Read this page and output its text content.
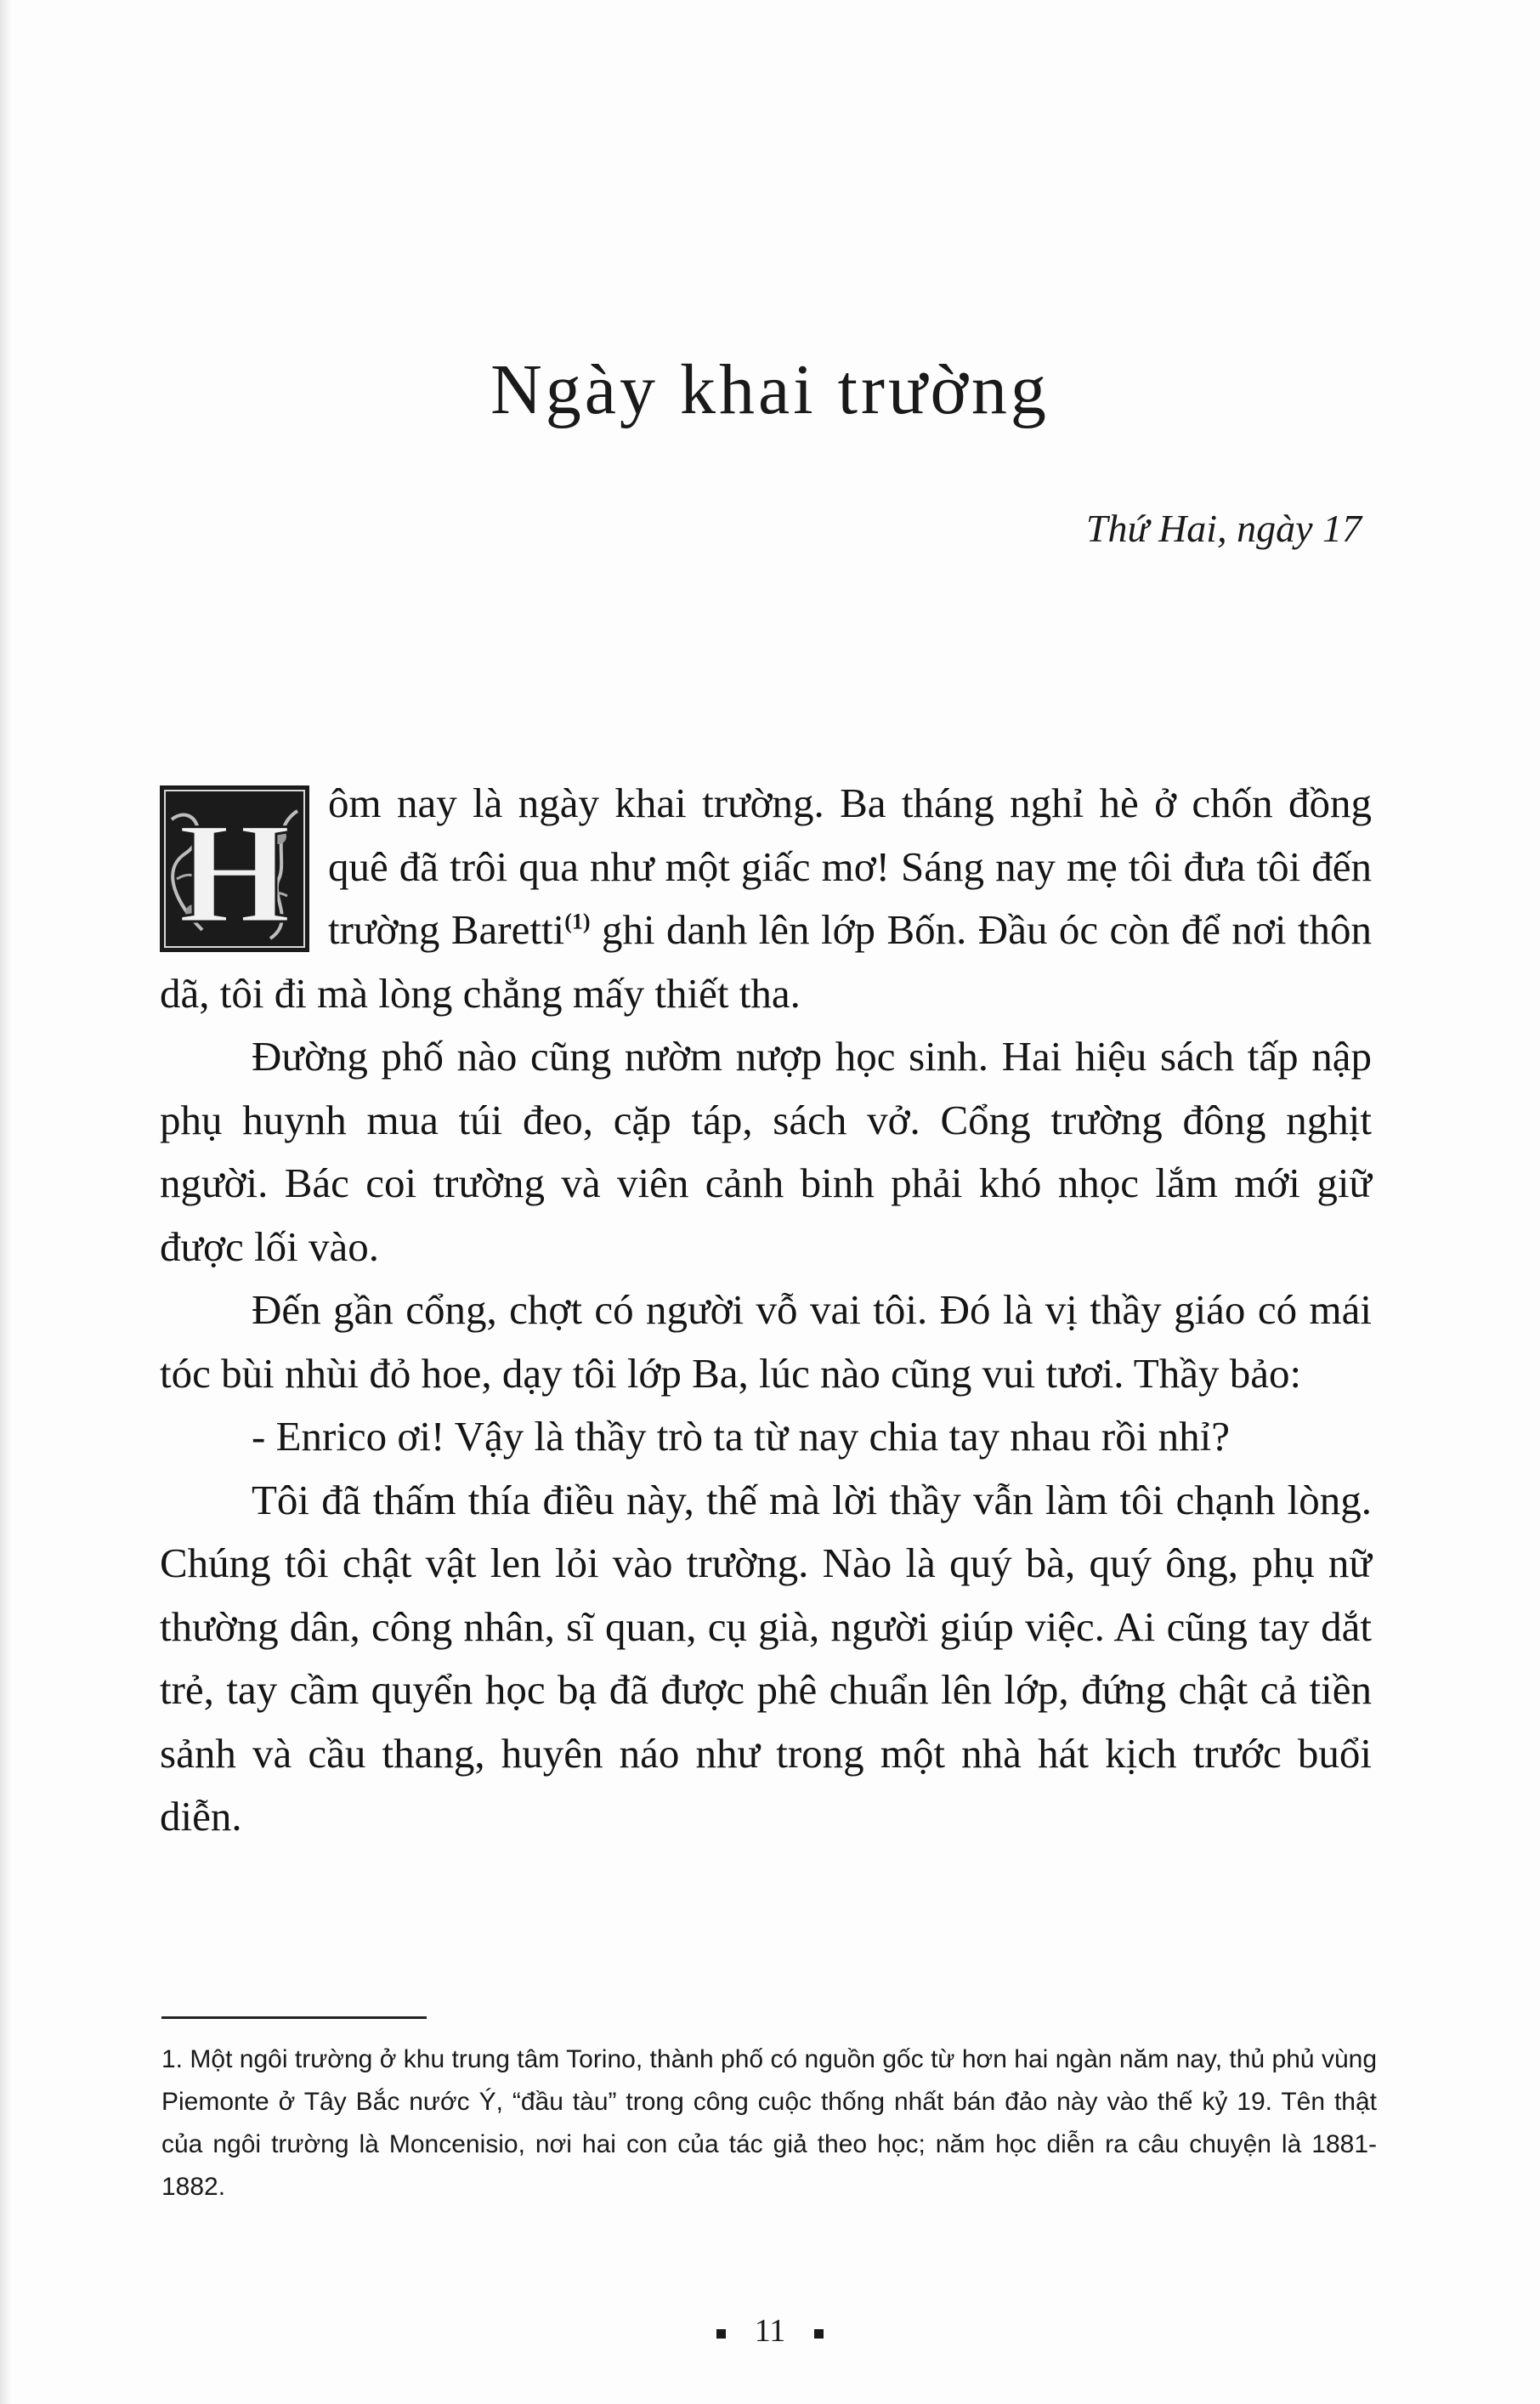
Ngày khai trường
Thứ Hai, ngày 17

H ôm nay là ngày khai trường. Ba tháng nghỉ hè ở chốn đồng quê đã trôi qua như một giấc mơ! Sáng nay mẹ tôi đưa tôi đến trường Baretti$^{(1)}$ ghi danh lên lớp Bốn. Đầu óc còn để nơi thôn dã, tôi đi mà lòng chẳng mấy thiết tha.

Đường phố nào cũng nườm nượp học sinh. Hai hiệu sách tấp nập phụ huynh mua túi đeo, cặp táp, sách vở. Cổng trường đông nghịt người. Bác coi trường và viên cảnh binh phải khó nhọc lắm mới giữ được lối vào.

Đến gần cổng, chợt có người vỗ vai tôi. Đó là vị thầy giáo có mái tóc bùi nhùi đỏ hoe, dạy tôi lớp Ba, lúc nào cũng vui tươi. Thầy bảo:

- Enrico ơi! Vậy là thầy trò ta từ nay chia tay nhau rồi nhỉ?

Tôi đã thấm thía điều này, thế mà lời thầy vẫn làm tôi chạnh lòng. Chúng tôi chật vật len lỏi vào trường. Nào là quý bà, quý ông, phụ nữ thường dân, công nhân, sĩ quan, cụ già, người giúp việc. Ai cũng tay dắt trẻ, tay cầm quyển học bạ đã được phê chuẩn lên lớp, đứng chật cả tiền sảnh và cầu thang, huyên náo như trong một nhà hát kịch trước buổi diễn.

1. Một ngôi trường ở khu trung tâm Torino, thành phố có nguồn gốc từ hơn hai ngàn năm nay, thủ phủ vùng Piemonte ở Tây Bắc nước Ý, “đầu tàu” trong công cuộc thống nhất bán đảo này vào thế kỷ 19. Tên thật của ngôi trường là Moncenisio, nơi hai con của tác giả theo học; năm học diễn ra câu chuyện là 1881-1882.

11
